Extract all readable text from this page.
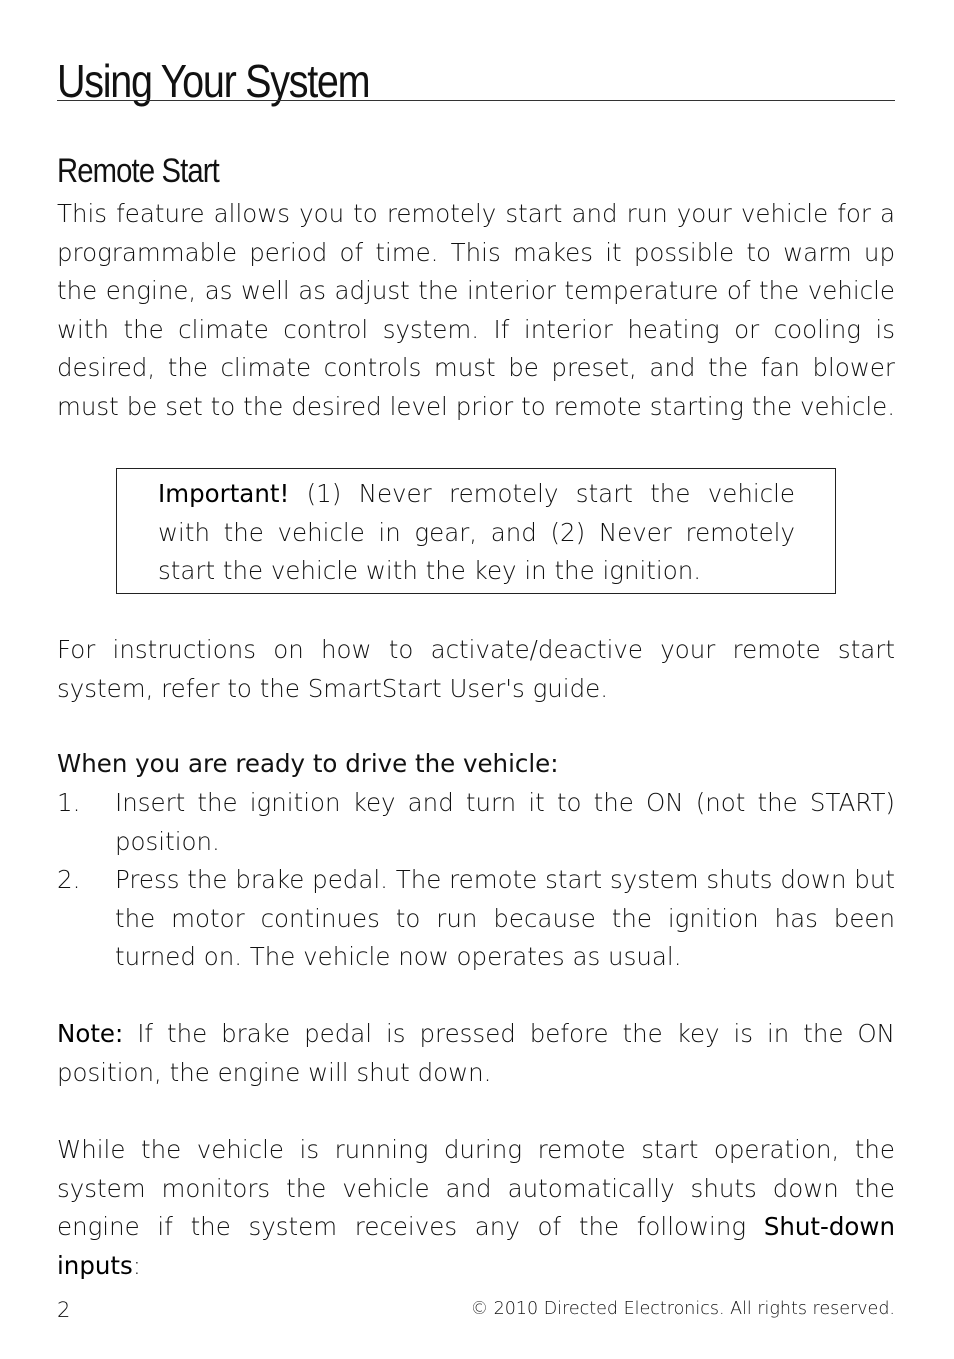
Using Your System
Remote Start

This feature allows you to remotely start and run your vehicle for a programmable period of time. This makes it possible to warm up the engine, as well as adjust the interior temperature of the vehicle with the climate control system. If interior heating or cooling is desired, the climate controls must be preset, and the fan blower must be set to the desired level prior to remote starting the vehicle.

Important! (1) Never remotely start the vehicle with the vehicle in gear, and (2) Never remotely start the vehicle with the key in the ignition.

For instructions on how to activate/deactive your remote start system, refer to the SmartStart User's guide.

When you are ready to drive the vehicle:
1. Insert the ignition key and turn it to the ON (not the START) position.
2. Press the brake pedal. The remote start system shuts down but the motor continues to run because the ignition has been turned on. The vehicle now operates as usual.

Note: If the brake pedal is pressed before the key is in the ON position, the engine will shut down.

While the vehicle is running during remote start operation, the system monitors the vehicle and automatically shuts down the engine if the system receives any of the following Shut-down inputs:

2	© 2010 Directed Electronics. All rights reserved.
